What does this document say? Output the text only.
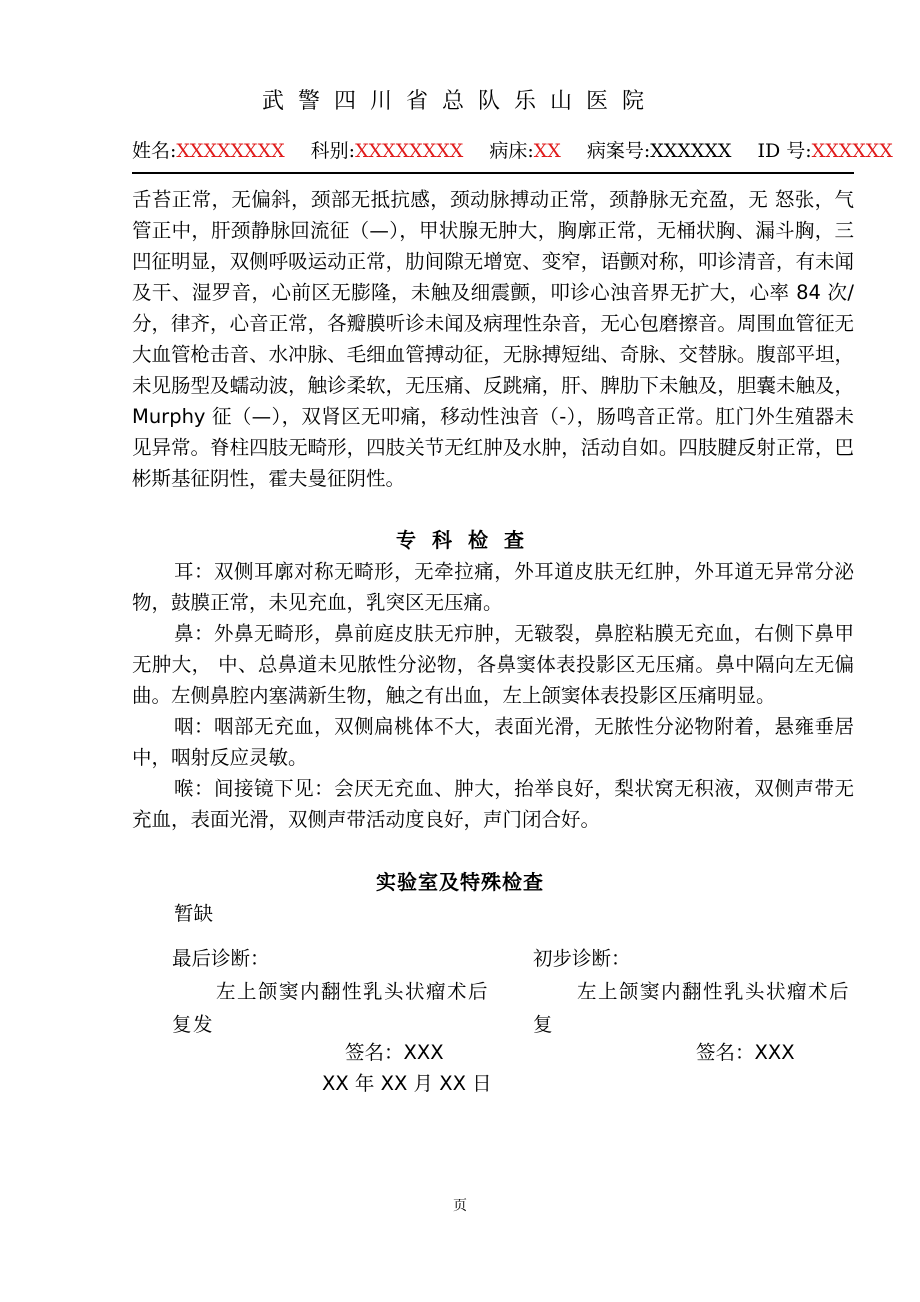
武警四川省总队乐山医院
姓名:XXXXXXXX 科别:XXXXXXXX 病床:XX 病案号:XXXXXX ID 号:XXXXXX
舌苔正常，无偏斜，颈部无抵抗感，颈动脉搏动正常，颈静脉无充盈，无 怒张，气管正中，肝颈静脉回流征（—），甲状腺无肿大，胸廓正常，无桶状胸、漏斗胸，三凹征明显，双侧呼吸运动正常，肋间隙无增宽、变窄，语颤对称，叩诊清音，有未闻及干、湿罗音，心前区无膨隆，未触及细震颤，叩诊心浊音界无扩大，心率 84 次/分，律齐，心音正常，各瓣膜听诊未闻及病理性杂音，无心包磨擦音。周围血管征无大血管枪击音、水冲脉、毛细血管搏动征，无脉搏短绌、奇脉、交替脉。腹部平坦，未见肠型及蠕动波，触诊柔软，无压痛、反跳痛，肝、脾肋下未触及，胆囊未触及，Murphy 征（—），双肾区无叩痛，移动性浊音（-），肠鸣音正常。肛门外生殖器未见异常。脊柱四肢无畸形，四肢关节无红肿及水肿，活动自如。四肢腱反射正常，巴彬斯基征阴性，霍夫曼征阴性。
专科检查
耳：双侧耳廓对称无畸形，无牵拉痛，外耳道皮肤无红肿，外耳道无异常分泌物，鼓膜正常，未见充血，乳突区无压痛。
鼻：外鼻无畸形，鼻前庭皮肤无疖肿，无皲裂，鼻腔粘膜无充血，右侧下鼻甲无肿大， 中、总鼻道未见脓性分泌物，各鼻窦体表投影区无压痛。鼻中隔向左无偏曲。左侧鼻腔内塞满新生物，触之有出血，左上颌窦体表投影区压痛明显。
咽：咽部无充血，双侧扁桃体不大，表面光滑，无脓性分泌物附着，悬雍垂居中，咽射反应灵敏。
喉：间接镜下见：会厌无充血、肿大，抬举良好，梨状窝无积液，双侧声带无充血，表面光滑，双侧声带活动度良好，声门闭合好。
实验室及特殊检查
暂缺
最后诊断：
左上颌窦内翻性乳头状瘤术后复发
初步诊断：
左上颌窦内翻性乳头状瘤术后复
签名：XXX	签名：XXX
XX 年 XX 月 XX 日
页
